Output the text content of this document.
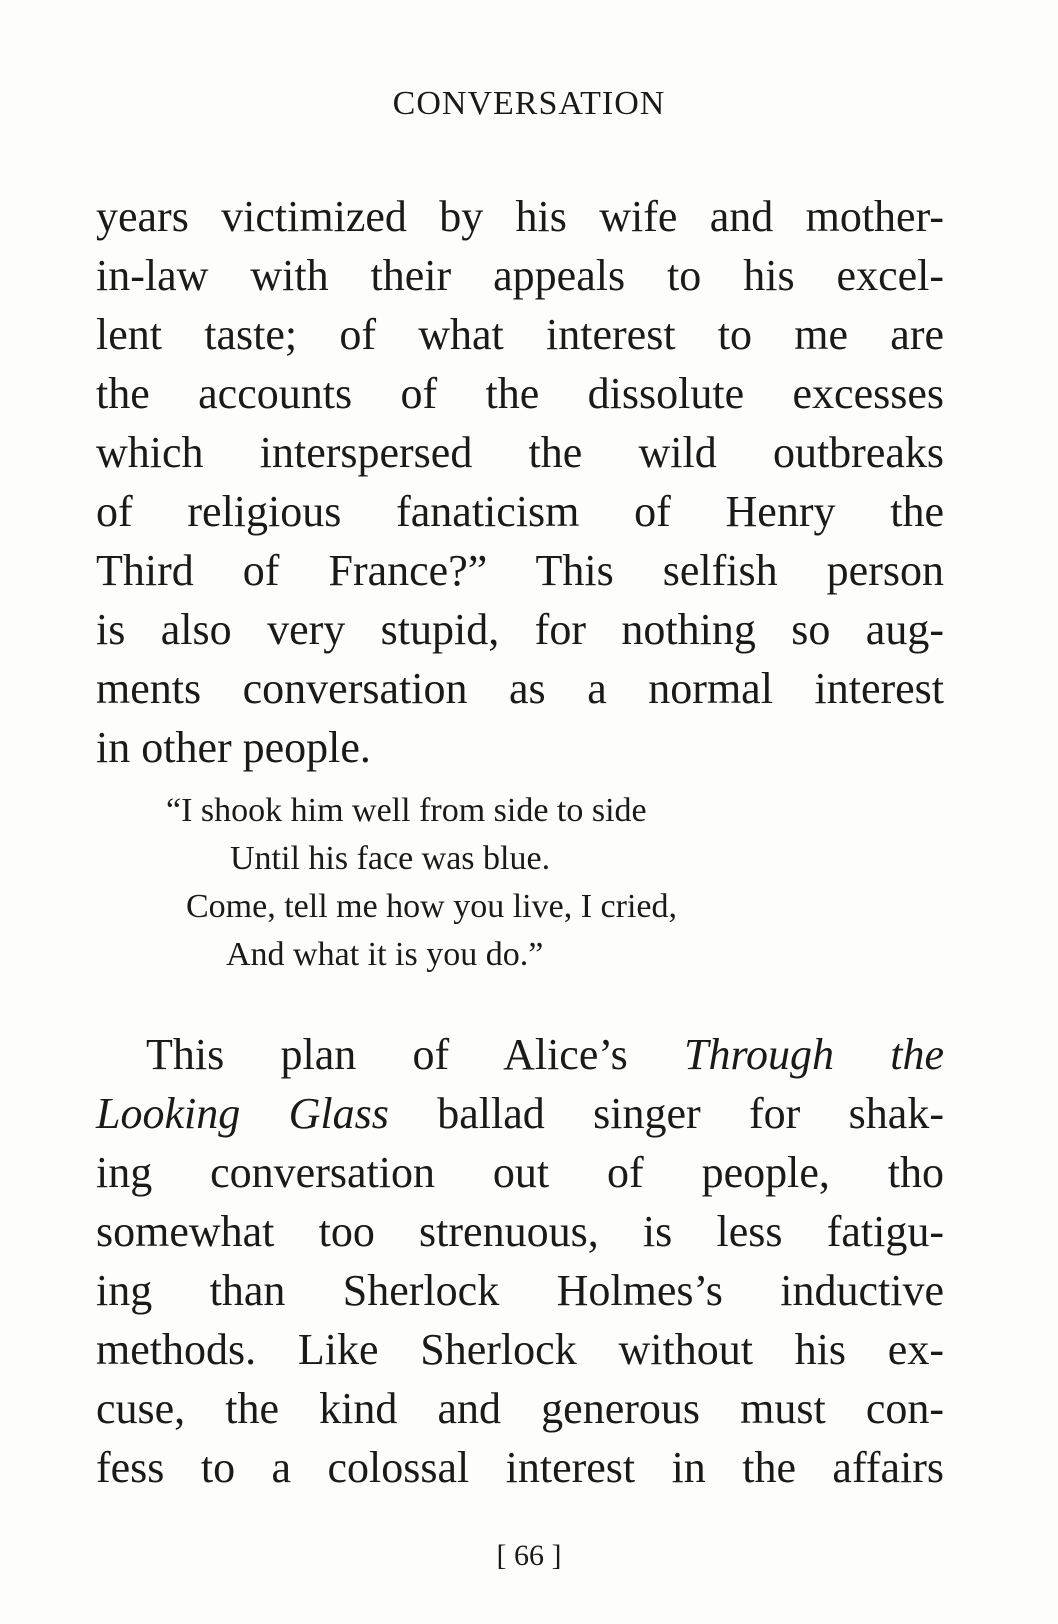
CONVERSATION
years victimized by his wife and mother-
in-law with their appeals to his excel-
lent taste; of what interest to me are
the accounts of the dissolute excesses
which interspersed the wild outbreaks
of religious fanaticism of Henry the
Third of France?” This selfish person
is also very stupid, for nothing so aug-
ments conversation as a normal interest
in other people.
“I shook him well from side to side
Until his face was blue.
Come, tell me how you live, I cried,
And what it is you do.”
This plan of Alice’s Through the
Looking Glass ballad singer for shak-
ing conversation out of people, tho
somewhat too strenuous, is less fatigu-
ing than Sherlock Holmes’s inductive
methods. Like Sherlock without his ex-
cuse, the kind and generous must con-
fess to a colossal interest in the affairs
[ 66 ]
